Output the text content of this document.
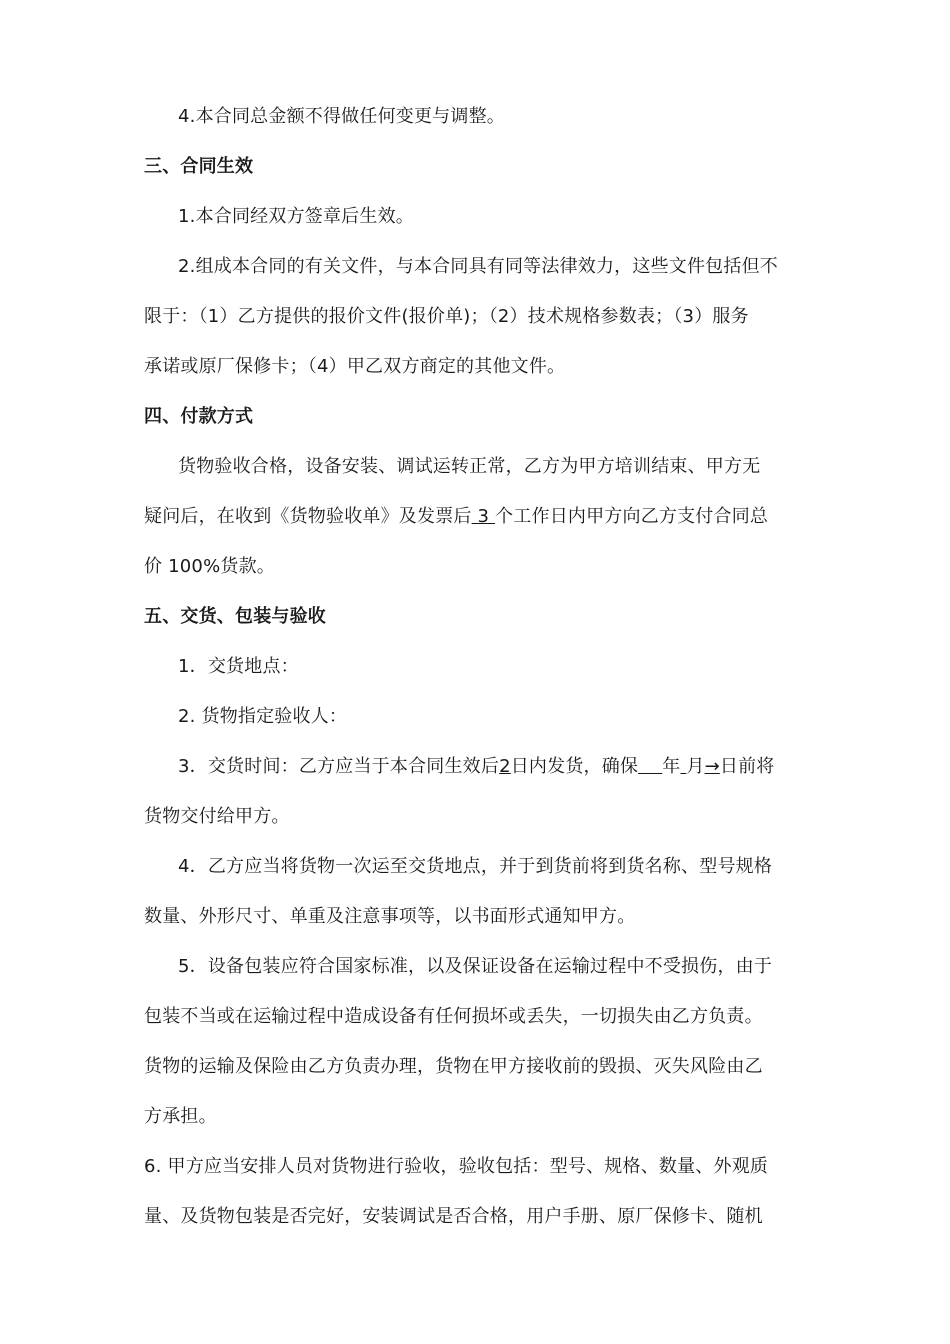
4.本合同总金额不得做任何变更与调整。
三、合同生效
1.本合同经双方签章后生效。
2.组成本合同的有关文件，与本合同具有同等法律效力，这些文件包括但不
限于：（1）乙方提供的报价文件(报价单)；（2）技术规格参数表；（3）服务
承诺或原厂保修卡；（4）甲乙双方商定的其他文件。
四、付款方式
货物验收合格，设备安装、调试运转正常，乙方为甲方培训结束、甲方无
疑问后，在收到《货物验收单》及发票后 3 个工作日内甲方向乙方支付合同总
价 100%货款。
五、交货、包装与验收
1．交货地点：
2. 货物指定验收人：
3．交货时间：乙方应当于本合同生效后2日内发货，确保　 年 月→日前将
货物交付给甲方。
4．乙方应当将货物一次运至交货地点，并于到货前将到货名称、型号规格
数量、外形尺寸、单重及注意事项等，以书面形式通知甲方。
5．设备包装应符合国家标准，以及保证设备在运输过程中不受损伤，由于
包装不当或在运输过程中造成设备有任何损坏或丢失，一切损失由乙方负责。
货物的运输及保险由乙方负责办理，货物在甲方接收前的毁损、灭失风险由乙
方承担。
6. 甲方应当安排人员对货物进行验收，验收包括：型号、规格、数量、外观质
量、及货物包装是否完好，安装调试是否合格，用户手册、原厂保修卡、随机
